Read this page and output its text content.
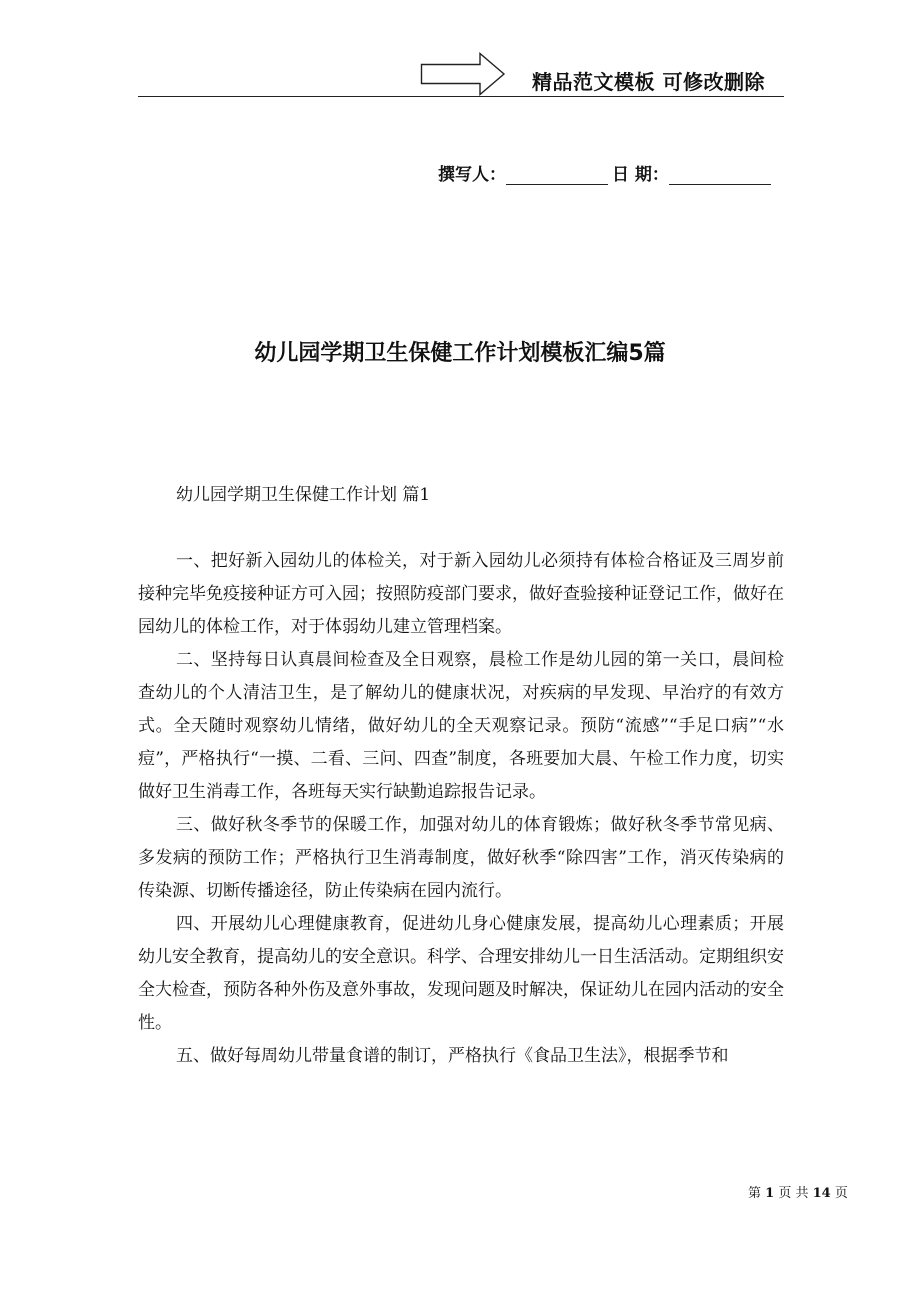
精品范文模板 可修改删除
撰写人：	日 期：
幼儿园学期卫生保健工作计划模板汇编5篇
幼儿园学期卫生保健工作计划 篇1

一、把好新入园幼儿的体检关，对于新入园幼儿必须持有体检合格证及三周岁前接种完毕免疫接种证方可入园；按照防疫部门要求，做好查验接种证登记工作，做好在园幼儿的体检工作，对于体弱幼儿建立管理档案。

二、坚持每日认真晨间检查及全日观察，晨检工作是幼儿园的第一关口，晨间检查幼儿的个人清洁卫生，是了解幼儿的健康状况，对疾病的早发现、早治疗的有效方式。全天随时观察幼儿情绪，做好幼儿的全天观察记录。预防“流感”“手足口病”“水痘”，严格执行“一摸、二看、三问、四查”制度，各班要加大晨、午检工作力度，切实做好卫生消毒工作，各班每天实行缺勤追踪报告记录。

三、做好秋冬季节的保暖工作，加强对幼儿的体育锻炼；做好秋冬季节常见病、多发病的预防工作；严格执行卫生消毒制度，做好秋季“除四害”工作，消灭传染病的传染源、切断传播途径，防止传染病在园内流行。

四、开展幼儿心理健康教育，促进幼儿身心健康发展，提高幼儿心理素质；开展幼儿安全教育，提高幼儿的安全意识。科学、合理安排幼儿一日生活活动。定期组织安全大检查，预防各种外伤及意外事故，发现问题及时解决，保证幼儿在园内活动的安全性。

五、做好每周幼儿带量食谱的制订，严格执行《食品卫生法》，根据季节和

第 1 页 共 14 页
